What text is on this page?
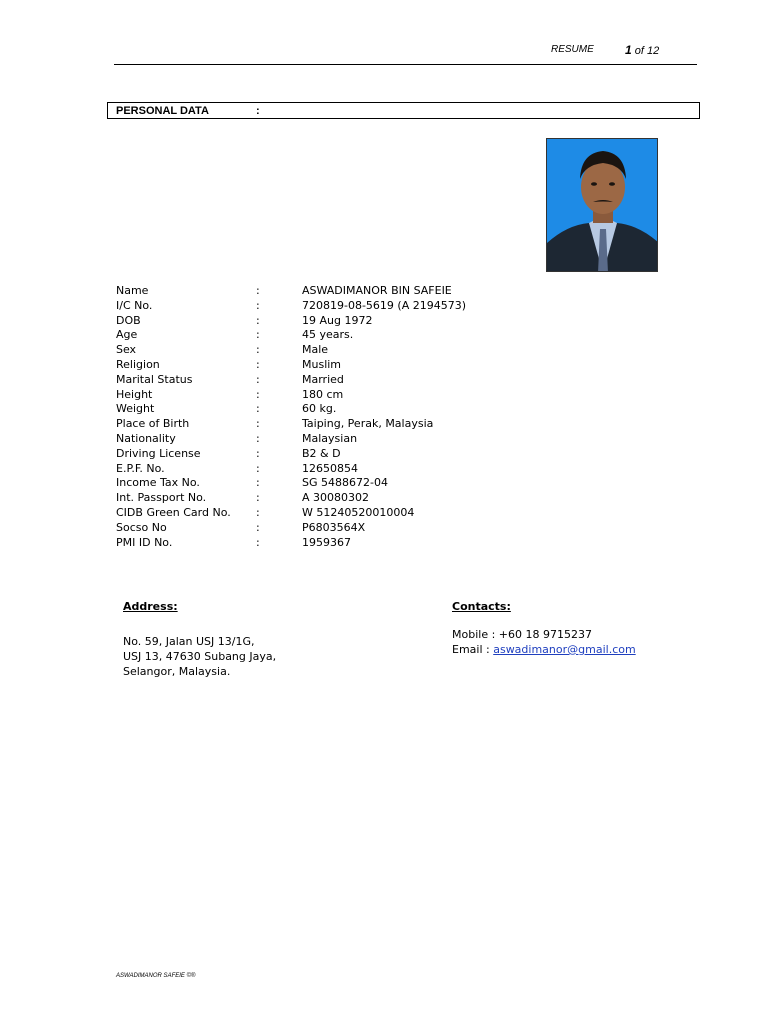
RESUME	1 of 12
PERSONAL DATA	:
Name	:	ASWADIMANOR BIN SAFEIE
I/C No.	:	720819-08-5619 (A 2194573)
DOB	:	19 Aug 1972
Age	:	45 years.
Sex	:	Male
Religion	:	Muslim
Marital Status	:	Married
Height	:	180 cm
Weight	:	60 kg.
Place of Birth	:	Taiping, Perak, Malaysia
Nationality	:	Malaysian
Driving License	:	B2 & D
E.P.F. No.	:	12650854
Income Tax No.	:	SG 5488672-04
Int. Passport No.	:	A 30080302
CIDB Green Card No. :	W 51240520010004
Socso No	:	P6803564X
PMI ID No.	:	1959367
Address:
No. 59, Jalan USJ 13/1G,
USJ 13, 47630 Subang Jaya,
Selangor, Malaysia.
Contacts:
Mobile : +60 18 9715237
Email : aswadimanor@gmail.com
ASWADIMANOR SAFEIE ©®
